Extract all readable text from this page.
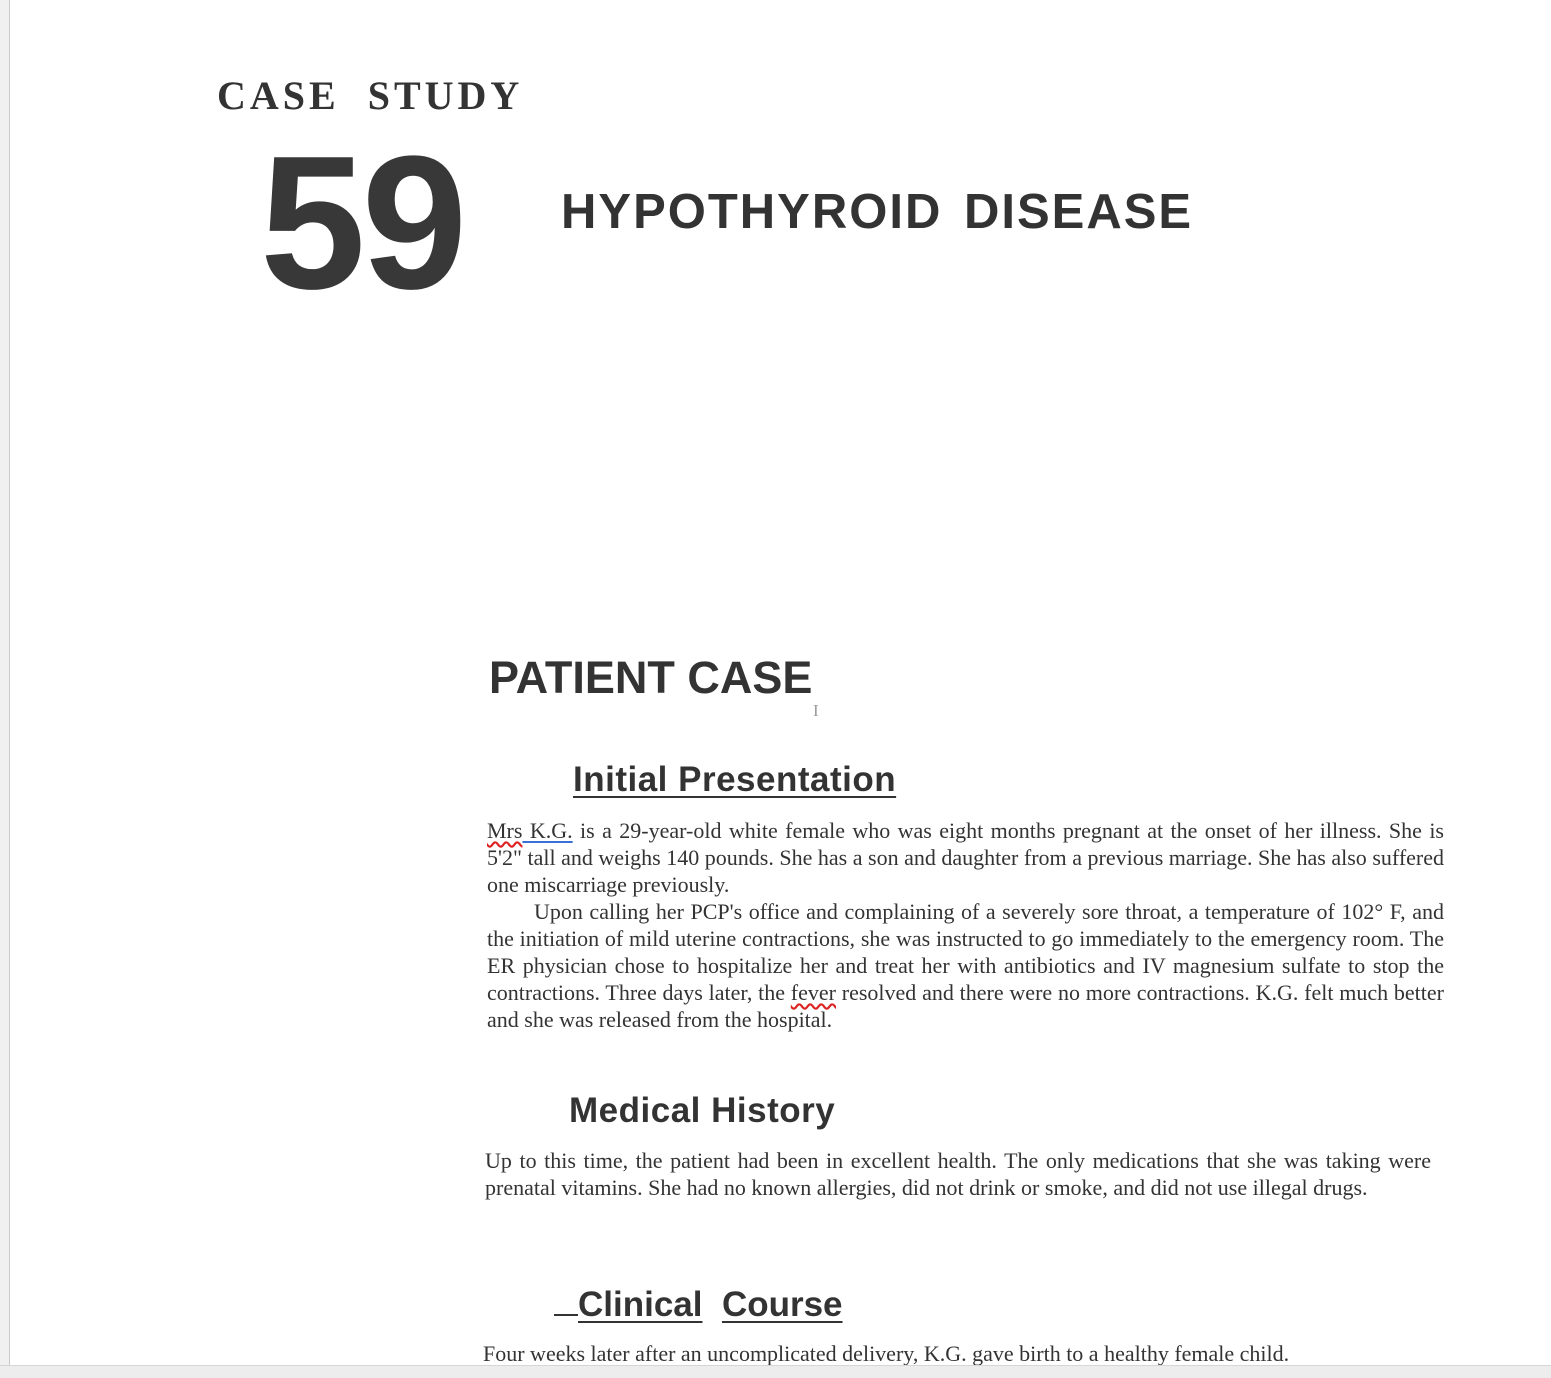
CASE STUDY
59 HYPOTHYROID DISEASE
PATIENT CASE
I
Initial Presentation

Mrs K.G. is a 29-year-old white female who was eight months pregnant at the onset of her illness. She is 5'2" tall and weighs 140 pounds. She has a son and daughter from a previous marriage. She has also suffered one miscarriage previously.

Upon calling her PCP's office and complaining of a severely sore throat, a temperature of 102° F, and the initiation of mild uterine contractions, she was instructed to go immediately to the emergency room. The ER physician chose to hospitalize her and treat her with antibiotics and IV magnesium sulfate to stop the contractions. Three days later, the fever resolved and there were no more contractions. K.G. felt much better and she was released from the hospital.

Medical History
Up to this time, the patient had been in excellent health. The only medications that she was taking were prenatal vitamins. She had no known allergies, did not drink or smoke, and did not use illegal drugs.
Clinical Course
Four weeks later after an uncomplicated delivery, K.G. gave birth to a healthy female child.
